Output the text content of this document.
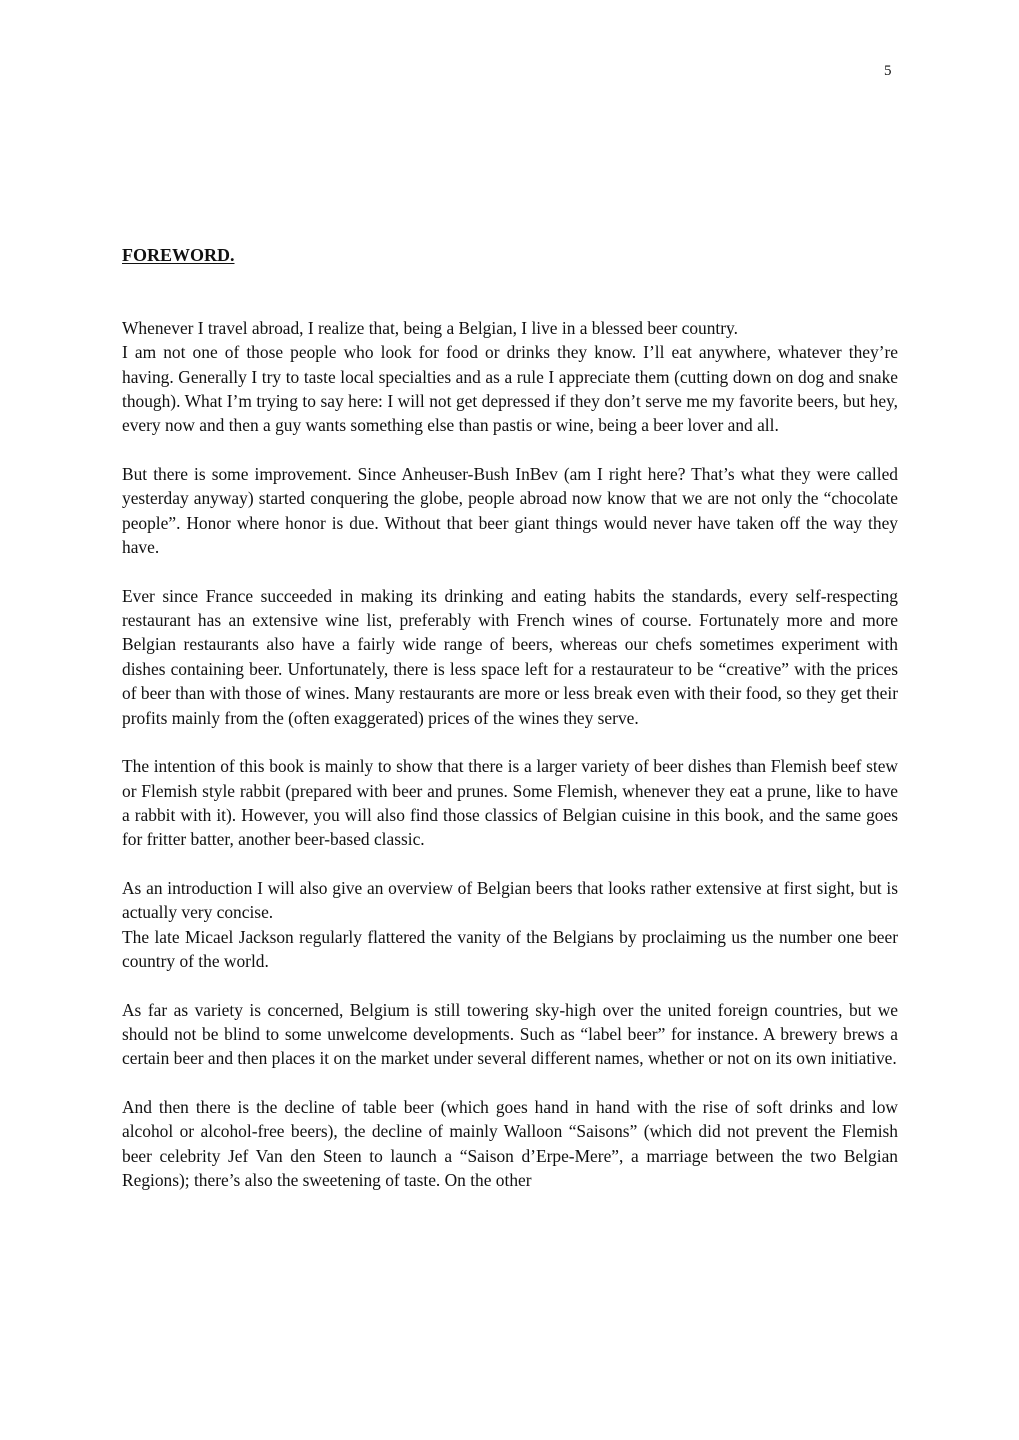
5
FOREWORD.

Whenever I travel abroad, I realize that, being a Belgian, I live in a blessed beer country.
I am not one of those people who look for food or drinks they know. I’ll eat anywhere, whatever they’re having. Generally I try to taste local specialties and as a rule I appreciate them (cutting down on dog and snake though). What I’m trying to say here: I will not get depressed if they don’t serve me my favorite beers, but hey, every now and then a guy wants something else than pastis or wine, being a beer lover and all.

But there is some improvement. Since Anheuser-Bush InBev (am I right here? That’s what they were called yesterday anyway) started conquering the globe, people abroad now know that we are not only the “chocolate people”. Honor where honor is due. Without that beer giant things would never have taken off the way they have.

Ever since France succeeded in making its drinking and eating habits the standards, every self-respecting restaurant has an extensive wine list, preferably with French wines of course. Fortunately more and more Belgian restaurants also have a fairly wide range of beers, whereas our chefs sometimes experiment with dishes containing beer. Unfortunately, there is less space left for a restaurateur to be “creative” with the prices of beer than with those of wines. Many restaurants are more or less break even with their food, so they get their profits mainly from the (often exaggerated) prices of the wines they serve.

The intention of this book is mainly to show that there is a larger variety of beer dishes than Flemish beef stew or Flemish style rabbit (prepared with beer and prunes. Some Flemish, whenever they eat a prune, like to have a rabbit with it). However, you will also find those classics of Belgian cuisine in this book, and the same goes for fritter batter, another beer-based classic.

As an introduction I will also give an overview of Belgian beers that looks rather extensive at first sight, but is actually very concise.
The late Micael Jackson regularly flattered the vanity of the Belgians by proclaiming us the number one beer country of the world.

As far as variety is concerned, Belgium is still towering sky-high over the united foreign countries, but we should not be blind to some unwelcome developments. Such as “label beer” for instance. A brewery brews a certain beer and then places it on the market under several different names, whether or not on its own initiative.

And then there is the decline of table beer (which goes hand in hand with the rise of soft drinks and low alcohol or alcohol-free beers), the decline of mainly Walloon “Saisons” (which did not prevent the Flemish beer celebrity Jef Van den Steen to launch a “Saison d’Erpe-Mere”, a marriage between the two Belgian Regions); there’s also the sweetening of taste. On the other
